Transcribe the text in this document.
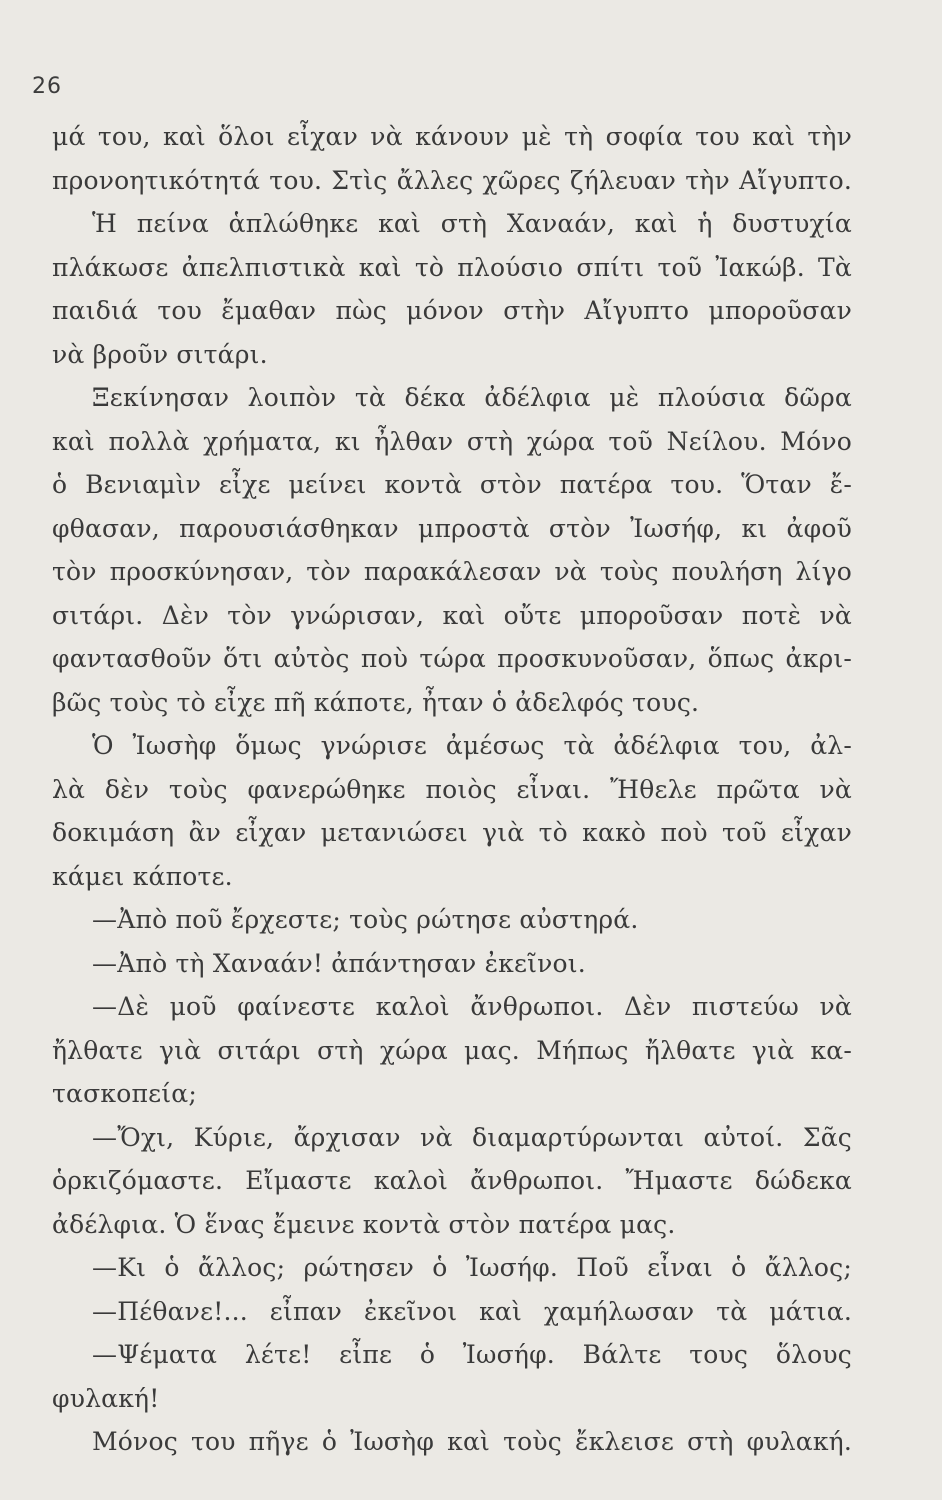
26
μά του, καὶ ὅλοι εἶχαν νὰ κάνουν μὲ τὴ σοφία του καὶ τὴν
προνοητικότητά του. Στὶς ἄλλες χῶρες ζήλευαν τὴν Αἴγυπτο.
Ἡ πείνα ἁπλώθηκε καὶ στὴ Χαναάν, καὶ ἡ δυστυχία
πλάκωσε ἀπελπιστικὰ καὶ τὸ πλούσιο σπίτι τοῦ Ἰακώβ. Τὰ
παιδιά του ἔμαθαν πὼς μόνον στὴν Αἴγυπτο μποροῦσαν
νὰ βροῦν σιτάρι.
Ξεκίνησαν λοιπὸν τὰ δέκα ἀδέλφια μὲ πλούσια δῶρα
καὶ πολλὰ χρήματα, κι ἦλθαν στὴ χώρα τοῦ Νείλου. Μόνο
ὁ Βενιαμὶν εἶχε μείνει κοντὰ στὸν πατέρα του. Ὅταν ἔ-
φθασαν, παρουσιάσθηκαν μπροστὰ στὸν Ἰωσήφ, κι ἀφοῦ
τὸν προσκύνησαν, τὸν παρακάλεσαν νὰ τοὺς πουλήση λίγο
σιτάρι. Δὲν τὸν γνώρισαν, καὶ οὔτε μποροῦσαν ποτὲ νὰ
φαντασθοῦν ὅτι αὐτὸς ποὺ τώρα προσκυνοῦσαν, ὅπως ἀκρι-
βῶς τοὺς τὸ εἶχε πῆ κάποτε, ἦταν ὁ ἀδελφός τους.
Ὁ Ἰωσὴφ ὅμως γνώρισε ἀμέσως τὰ ἀδέλφια του, ἀλ-
λὰ δὲν τοὺς φανερώθηκε ποιὸς εἶναι. Ἤθελε πρῶτα νὰ
δοκιμάση ἂν εἶχαν μετανιώσει γιὰ τὸ κακὸ ποὺ τοῦ εἶχαν
κάμει κάποτε.
—Ἀπὸ ποῦ ἔρχεστε; τοὺς ρώτησε αὐστηρά.
—Ἀπὸ τὴ Χαναάν! ἀπάντησαν ἐκεῖνοι.
—Δὲ μοῦ φαίνεστε καλοὶ ἄνθρωποι. Δὲν πιστεύω νὰ
ἤλθατε γιὰ σιτάρι στὴ χώρα μας. Μήπως ἤλθατε γιὰ κα-
τασκοπεία;
—Ὄχι, Κύριε, ἄρχισαν νὰ διαμαρτύρωνται αὐτοί. Σᾶς
ὁρκιζόμαστε. Εἴμαστε καλοὶ ἄνθρωποι. Ἤμαστε δώδεκα
ἀδέλφια. Ὁ ἕνας ἔμεινε κοντὰ στὸν πατέρα μας.
—Κι ὁ ἄλλος; ρώτησεν ὁ Ἰωσήφ. Ποῦ εἶναι ὁ ἄλλος;
—Πέθανε!... εἶπαν ἐκεῖνοι καὶ χαμήλωσαν τὰ μάτια.
—Ψέματα λέτε! εἶπε ὁ Ἰωσήφ. Βάλτε τους ὅλους
φυλακή!
Μόνος του πῆγε ὁ Ἰωσὴφ καὶ τοὺς ἔκλεισε στὴ φυλακή.
